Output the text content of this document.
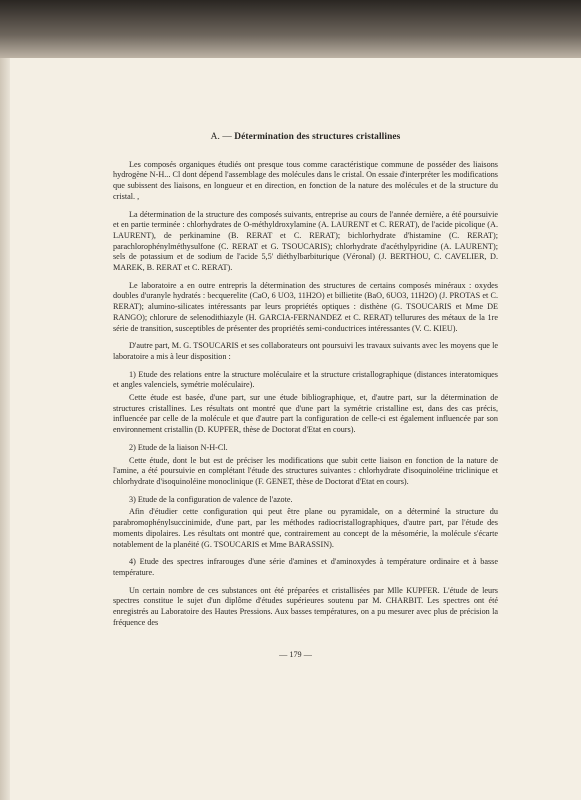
A. — Détermination des structures cristallines

Les composés organiques étudiés ont presque tous comme caractéristique commune de posséder des liaisons hydrogène N-H... Cl dont dépend l'assemblage des molécules dans le cristal. On essaie d'interpréter les modifications que subissent des liaisons, en longueur et en direction, en fonction de la nature des molécules et de la structure du cristal. ,

La détermination de la structure des composés suivants, entreprise au cours de l'année dernière, a été poursuivie et en partie terminée : chlorhydrates de O-méthyldroxylamine (A. LAURENT et C. RERAT), de l'acide picolique (A. LAURENT), de perkinamine (B. RERAT et C. RERAT); bichlorhydrate d'histamine (C. RERAT); parachlorophénylméthysulfone (C. RERAT et G. TSOUCARIS); chlorhydrate d'acéthylpyridine (A. LAURENT); sels de potassium et de sodium de l'acide 5,5' diéthylbarbiturique (Véronal) (J. BERTHOU, C. CAVELIER, D. MAREK, B. RERAT et C. RERAT).

Le laboratoire a en outre entrepris la détermination des structures de certains composés minéraux : oxydes doubles d'uranyle hydratés : becquerelite (CaO, 6 UO3, 11H2O) et billietite (BaO, 6UO3, 11H2O) (J. PROTAS et C. RERAT); alumino-silicates intéressants par leurs propriétés optiques : disthène (G. TSOUCARIS et Mme DE RANGO); chlorure de selenodithiazyle (H. GARCIA-FERNANDEZ et C. RERAT) tellurures des métaux de la 1re série de transition, susceptibles de présenter des propriétés semi-conductrices intéressantes (V. C. KIEU).

D'autre part, M. G. TSOUCARIS et ses collaborateurs ont poursuivi les travaux suivants avec les moyens que le laboratoire a mis à leur disposition :

1) Etude des relations entre la structure moléculaire et la structure cristallographique (distances interatomiques et angles valenciels, symétrie moléculaire).

Cette étude est basée, d'une part, sur une étude bibliographique, et, d'autre part, sur la détermination de structures cristallines. Les résultats ont montré que d'une part la symétrie cristalline est, dans des cas précis, influencée par celle de la molécule et que d'autre part la configuration de celle-ci est également influencée par son environnement cristallin (D. KUPFER, thèse de Doctorat d'Etat en cours).

2) Etude de la liaison N-H-Cl.

Cette étude, dont le but est de préciser les modifications que subit cette liaison en fonction de la nature de l'amine, a été poursuivie en complétant l'étude des structures suivantes : chlorhydrate d'isoquinoléine triclinique et chlorhydrate d'isoquinoléine monoclinique (F. GENET, thèse de Doctorat d'Etat en cours).

3) Etude de la configuration de valence de l'azote.

Afin d'étudier cette configuration qui peut être plane ou pyramidale, on a déterminé la structure du parabromophénylsuccinimide, d'une part, par les méthodes radiocristallographiques, d'autre part, par l'étude des moments dipolaires. Les résultats ont montré que, contrairement au concept de la mésomérie, la molécule s'écarte notablement de la planéité (G. TSOUCARIS et Mme BARASSIN).

4) Etude des spectres infrarouges d'une série d'amines et d'aminoxydes à température ordinaire et à basse température.

Un certain nombre de ces substances ont été préparées et cristallisées par Mlle KUPFER. L'étude de leurs spectres constitue le sujet d'un diplôme d'études supérieures soutenu par M. CHARBIT. Les spectres ont été enregistrés au Laboratoire des Hautes Pressions. Aux basses températures, on a pu mesurer avec plus de précision la fréquence des

— 179 —
